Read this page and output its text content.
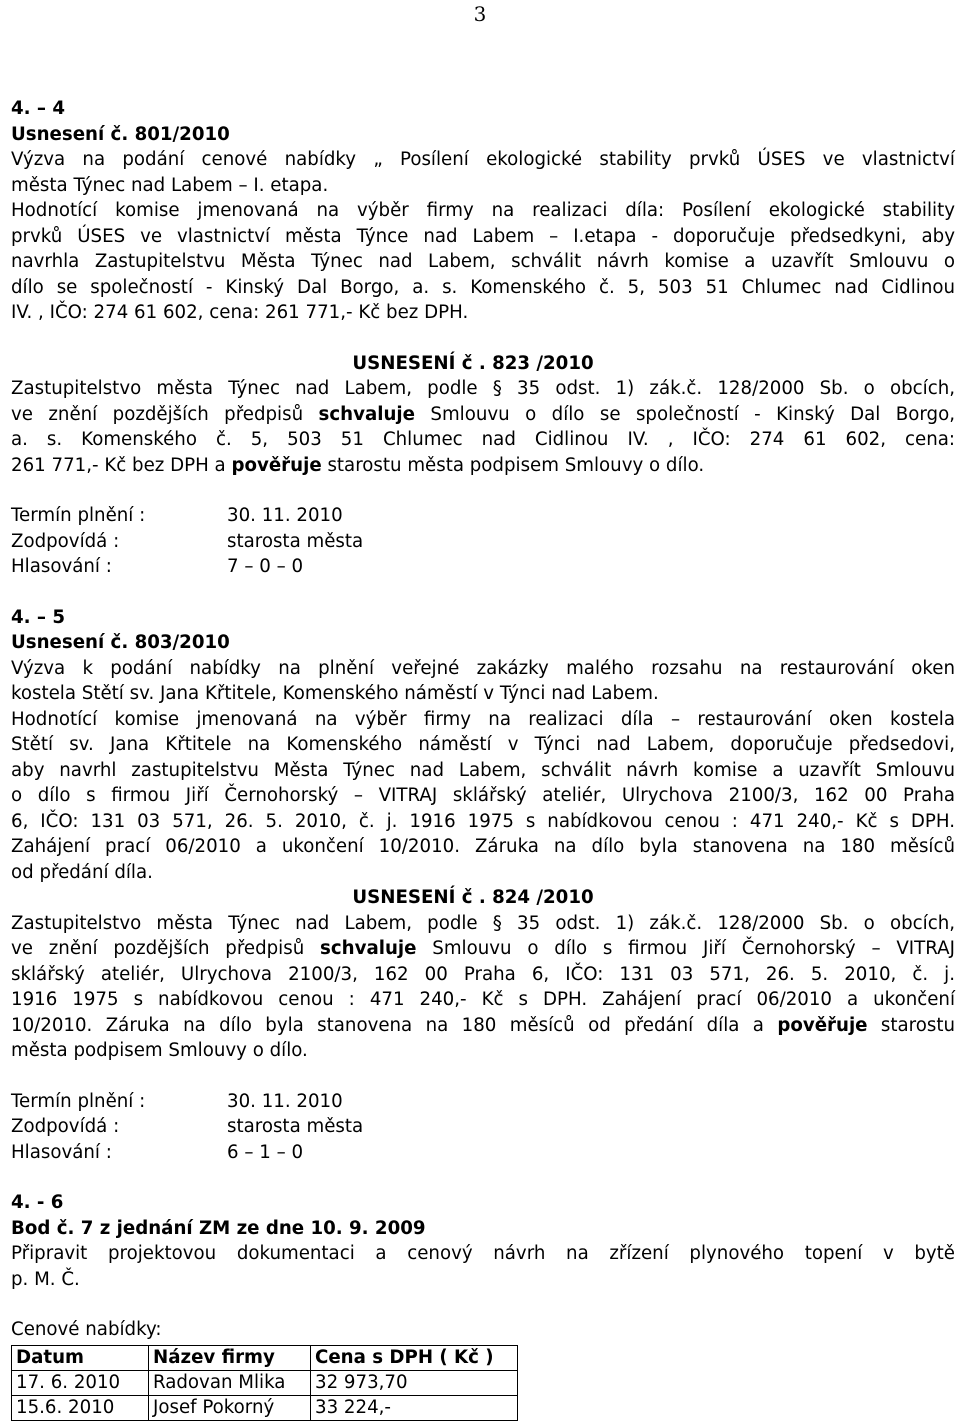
3
4. – 4
Usnesení č. 801/2010
Výzva na podání cenové nabídky „ Posílení ekologické stability prvků ÚSES ve vlastnictví
města Týnec nad Labem – I. etapa.
Hodnotící komise jmenovaná na výběr firmy na realizaci díla: Posílení ekologické stability
prvků ÚSES ve vlastnictví města Týnce nad Labem – I.etapa - doporučuje předsedkyni, aby
navrhla Zastupitelstvu Města Týnec nad Labem, schválit návrh komise a uzavřít Smlouvu o
dílo se společností - Kinský Dal Borgo, a. s. Komenského č. 5, 503 51 Chlumec nad Cidlinou
IV. , IČO: 274 61 602, cena: 261 771,- Kč bez DPH.
USNESENÍ č . 823 /2010
Zastupitelstvo města Týnec nad Labem, podle § 35 odst. 1) zák.č. 128/2000 Sb. o obcích,
ve znění pozdějších předpisů schvaluje Smlouvu o dílo se společností - Kinský Dal Borgo,
a. s. Komenského č. 5, 503 51 Chlumec nad Cidlinou IV. , IČO: 274 61 602, cena:
261 771,- Kč bez DPH a pověřuje starostu města podpisem Smlouvy o dílo.
Termín plnění :	30. 11. 2010
Zodpovídá :	starosta města
Hlasování :	7 – 0 – 0
4. – 5
Usnesení č. 803/2010
Výzva k podání nabídky na plnění veřejné zakázky malého rozsahu na restaurování oken
kostela Stětí sv. Jana Křtitele, Komenského náměstí v Týnci nad Labem.
Hodnotící komise jmenovaná na výběr firmy na realizaci díla – restaurování oken kostela
Stětí sv. Jana Křtitele na Komenského náměstí v Týnci nad Labem, doporučuje předsedovi,
aby navrhl zastupitelstvu Města Týnec nad Labem, schválit návrh komise a uzavřít Smlouvu
o dílo s firmou Jiří Černohorský – VITRAJ sklářský ateliér, Ulrychova 2100/3, 162 00 Praha
6, IČO: 131 03 571, 26. 5. 2010, č. j. 1916 1975 s nabídkovou cenou : 471 240,- Kč s DPH.
Zahájení prací 06/2010 a ukončení 10/2010. Záruka na dílo byla stanovena na 180 měsíců
od předání díla.
USNESENÍ č . 824 /2010
Zastupitelstvo města Týnec nad Labem, podle § 35 odst. 1) zák.č. 128/2000 Sb. o obcích,
ve znění pozdějších předpisů schvaluje Smlouvu o dílo s firmou Jiří Černohorský – VITRAJ
sklářský ateliér, Ulrychova 2100/3, 162 00 Praha 6, IČO: 131 03 571, 26. 5. 2010, č. j.
1916 1975 s nabídkovou cenou : 471 240,- Kč s DPH. Zahájení prací 06/2010 a ukončení
10/2010. Záruka na dílo byla stanovena na 180 měsíců od předání díla a pověřuje starostu
města podpisem Smlouvy o dílo.
Termín plnění :	30. 11. 2010
Zodpovídá :	starosta města
Hlasování :	6 – 1 – 0
4. - 6
Bod č. 7 z jednání ZM ze dne 10. 9. 2009
Připravit projektovou dokumentaci a cenový návrh na zřízení plynového topení v bytě
p. M. Č.
Cenové nabídky:
Datum	Název firmy	Cena s DPH ( Kč )
17. 6. 2010	Radovan Mlika	32 973,70
15.6. 2010	Josef Pokorný	33 224,-
